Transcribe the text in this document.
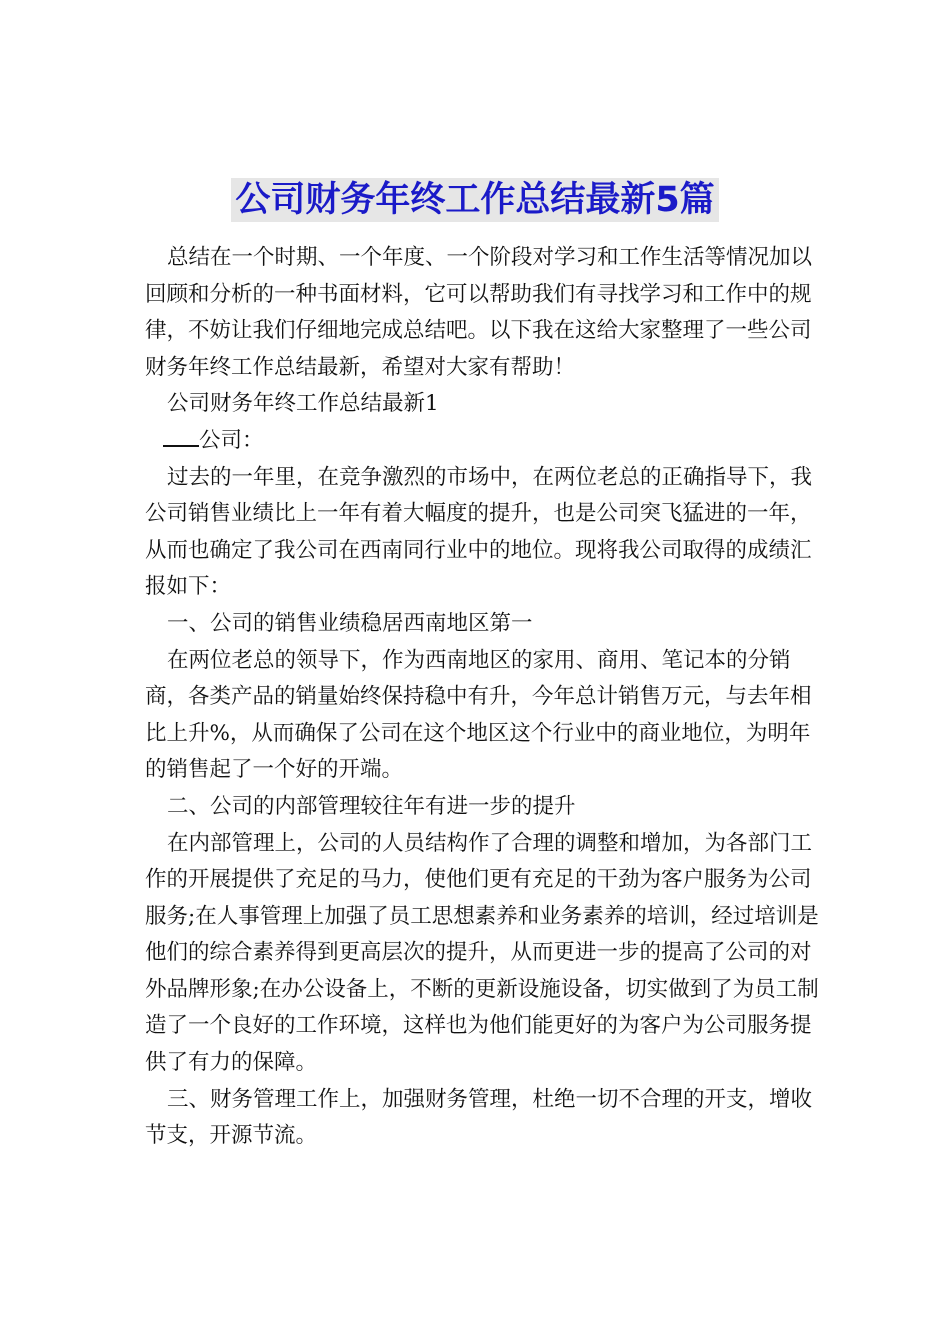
公司财务年终工作总结最新5篇

总结在一个时期、一个年度、一个阶段对学习和工作生活等情况加以回顾和分析的一种书面材料，它可以帮助我们有寻找学习和工作中的规律，不妨让我们仔细地完成总结吧。以下我在这给大家整理了一些公司财务年终工作总结最新，希望对大家有帮助！

公司财务年终工作总结最新1

公司：

过去的一年里，在竞争激烈的市场中，在两位老总的正确指导下，我公司销售业绩比上一年有着大幅度的提升，也是公司突飞猛进的一年，从而也确定了我公司在西南同行业中的地位。现将我公司取得的成绩汇报如下：

一、公司的销售业绩稳居西南地区第一

在两位老总的领导下，作为西南地区的家用、商用、笔记本的分销商，各类产品的销量始终保持稳中有升，今年总计销售万元，与去年相比上升%，从而确保了公司在这个地区这个行业中的商业地位，为明年的销售起了一个好的开端。

二、公司的内部管理较往年有进一步的提升

在内部管理上，公司的人员结构作了合理的调整和增加，为各部门工作的开展提供了充足的马力，使他们更有充足的干劲为客户服务为公司服务;在人事管理上加强了员工思想素养和业务素养的培训，经过培训是他们的综合素养得到更高层次的提升，从而更进一步的提高了公司的对外品牌形象;在办公设备上，不断的更新设施设备，切实做到了为员工制造了一个良好的工作环境，这样也为他们能更好的为客户为公司服务提供了有力的保障。

三、财务管理工作上，加强财务管理，杜绝一切不合理的开支，增收节支，开源节流。
